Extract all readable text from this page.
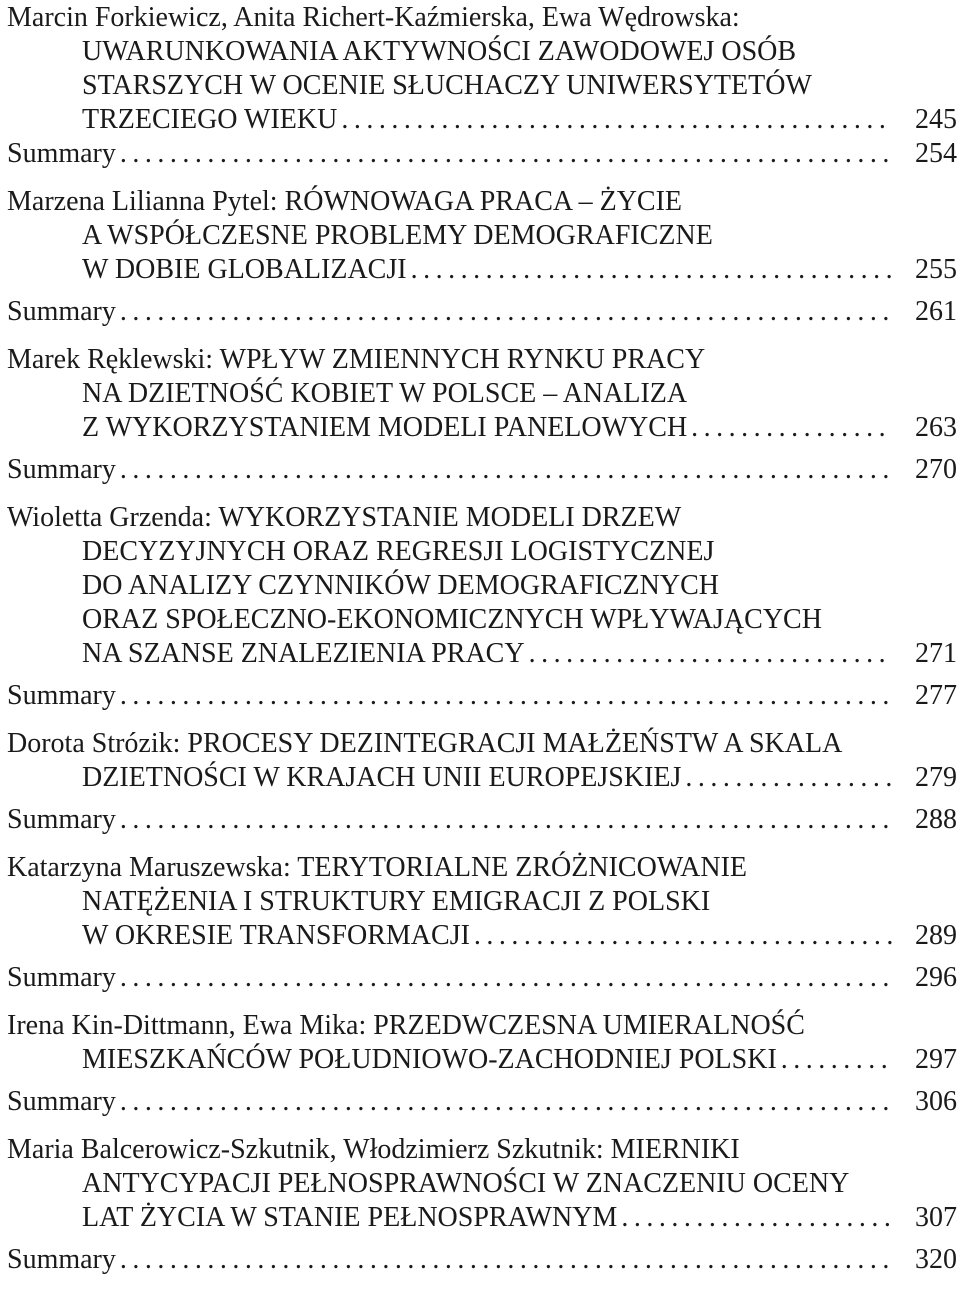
Marcin Forkiewicz, Anita Richert-Kaźmierska, Ewa Wędrowska:
UWARUNKOWANIA AKTYWNOŚCI ZAWODOWEJ OSÓB
STARSZYCH W OCENIE SŁUCHACZY UNIWERSYTETÓW
TRZECIEGO WIEKU . . .	245
Summary . . .	254
Marzena Lilianna Pytel: RÓWNOWAGA PRACA – ŻYCIE
A WSPÓŁCZESNE PROBLEMY DEMOGRAFICZNE
W DOBIE GLOBALIZACJI . . .	255
Summary . . .	261
Marek Ręklewski: WPŁYW ZMIENNYCH RYNKU PRACY
NA DZIETNOŚĆ KOBIET W POLSCE – ANALIZA
Z WYKORZYSTANIEM MODELI PANELOWYCH . . .	263
Summary . . .	270
Wioletta Grzenda: WYKORZYSTANIE MODELI DRZEW
DECYZYJNYCH ORAZ REGRESJI LOGISTYCZNEJ
DO ANALIZY CZYNNIKÓW DEMOGRAFICZNYCH
ORAZ SPOŁECZNO-EKONOMICZNYCH WPŁYWAJĄCYCH
NA SZANSE ZNALEZIENIA PRACY . . .	271
Summary . . .	277
Dorota Strózik: PROCESY DEZINTEGRACJI MAŁŻEŃSTW A SKALA
DZIETNOŚCI W KRAJACH UNII EUROPEJSKIEJ . . .	279
Summary . . .	288
Katarzyna Maruszewska: TERYTORIALNE ZRÓŻNICOWANIE
NATĘŻENIA I STRUKTURY EMIGRACJI Z POLSKI
W OKRESIE TRANSFORMACJI . . .	289
Summary . . .	296
Irena Kin-Dittmann, Ewa Mika: PRZEDWCZESNA UMIERALNOŚĆ
MIESZKAŃCÓW POŁUDNIOWO-ZACHODNIEJ POLSKI . . .	297
Summary . . .	306
Maria Balcerowicz-Szkutnik, Włodzimierz Szkutnik: MIERNIKI
ANTYCYPACJI PEŁNOSPRAWNOŚCI W ZNACZENIU OCENY
LAT ŻYCIA W STANIE PEŁNOSPRAWNYM . . .	307
Summary . . .	320
